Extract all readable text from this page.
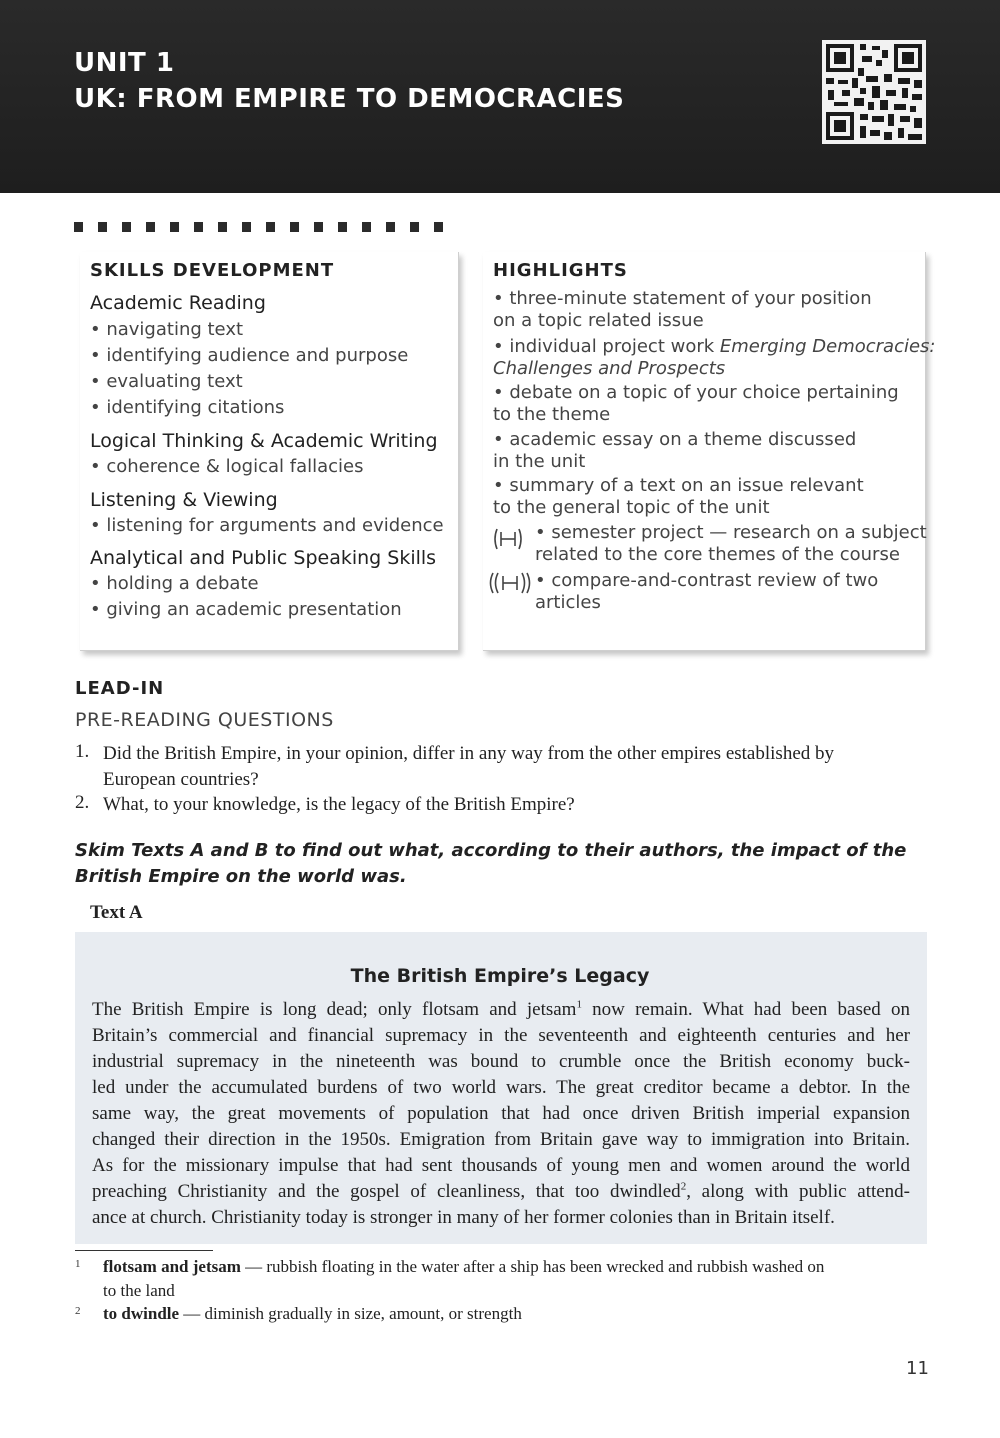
UNIT 1
UK: FROM EMPIRE TO DEMOCRACIES
SKILLS DEVELOPMENT
Academic Reading
• navigating text
• identifying audience and purpose
• evaluating text
• identifying citations
Logical Thinking & Academic Writing
• coherence & logical fallacies
Listening & Viewing
• listening for arguments and evidence
Analytical and Public Speaking Skills
• holding a debate
• giving an academic presentation
HIGHLIGHTS
• three-minute statement of your position
on a topic related issue
• individual project work Emerging Democracies:
Challenges and Prospects
• debate on a topic of your choice pertaining
to the theme
• academic essay on a theme discussed
in the unit
• summary of a text on an issue relevant
to the general topic of the unit
• semester project — research on a subject
related to the core themes of the course
• compare-and-contrast review of two
articles
LEAD-IN
PRE-READING QUESTIONS
1. Did the British Empire, in your opinion, differ in any way from the other empires established by
European countries?
2. What, to your knowledge, is the legacy of the British Empire?
Skim Texts A and B to find out what, according to their authors, the impact of the British Empire on the world was.
Text A
The British Empire’s Legacy
The British Empire is long dead; only flotsam and jetsam$^1$ now remain. What had been based on
Britain’s commercial and financial supremacy in the seventeenth and eighteenth centuries and her
industrial supremacy in the nineteenth was bound to crumble once the British economy buck-
led under the accumulated burdens of two world wars. The great creditor became a debtor. In the
same way, the great movements of population that had once driven British imperial expansion
changed their direction in the 1950s. Emigration from Britain gave way to immigration into Britain.
As for the missionary impulse that had sent thousands of young men and women around the world
preaching Christianity and the gospel of cleanliness, that too dwindled$^2$, along with public attend-
ance at church. Christianity today is stronger in many of her former colonies than in Britain itself.
1 flotsam and jetsam — rubbish floating in the water after a ship has been wrecked and rubbish washed on
to the land
2 to dwindle — diminish gradually in size, amount, or strength
11
